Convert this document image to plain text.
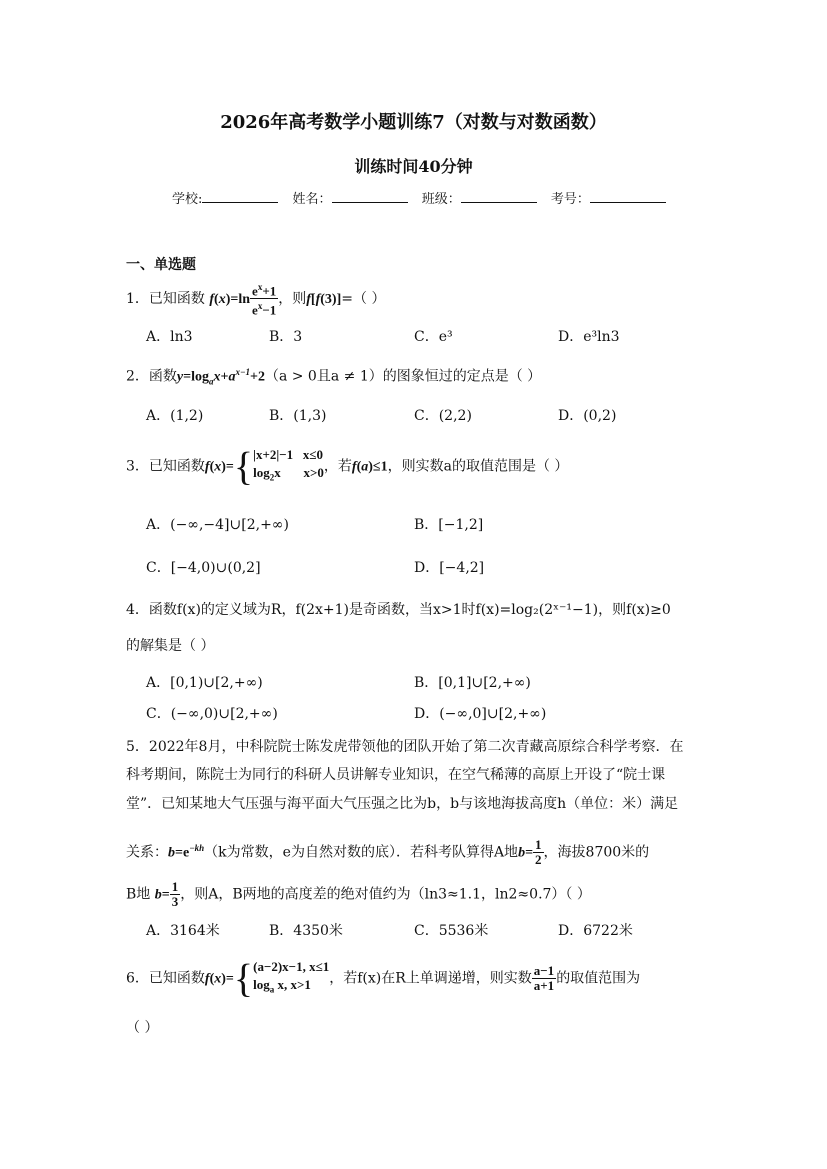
2026年高考数学小题训练7（对数与对数函数）
训练时间40分钟
学校:	姓名：	班级：	考号：
一、单选题
1．已知函数 $f(x)=\ln \frac{e^x+1}{e^x-1}$ ，则f[f(3)]=（ ）
A．ln3	B．3	C．e³	D．e³ln3
2．函数$y=\log_ax+a^{x-1}+2(a > 0$且a ≠ 1）的图象恒过的定点是（ ）
A．(1,2)	B．(1,3)	C．(2,2)	D．(0,2)
3．已知函数f(x)={ |x+2|−1   x≤0
$\log_2x$       x>0 ，若f(a)≤1，则实数a的取值范围是（ ）
A．(−∞,−4]∪[2,+∞)	B．[−1,2]
C．[−4,0)∪(0,2]	D．[−4,2]
4．函数f(x)的定义域为R，f(2x+1)是奇函数，当x>1时f(x)=log₂(2ˣ⁻¹−1)，则f(x)≥0
的解集是（ ）
A．[0,1)∪[2,+∞)	B．[0,1]∪[2,+∞)
C．(−∞,0)∪[2,+∞)	D．(−∞,0]∪[2,+∞)
5．2022年8月，中科院院士陈发虎带领他的团队开始了第二次青藏高原综合科学考察．在
科考期间，陈院士为同行的科研人员讲解专业知识，在空气稀薄的高原上开设了“院士课
堂”．已知某地大气压强与海平面大气压强之比为b，b与该地海拔高度h（单位：米）满足
关系：$b=e^{-kh}(k$为常数，e为自然对数的底）．若科考队算得A地$b= \frac{1}{2}$ ，海拔8700米的
B地 $b= \frac{1}{3}$ ，则A，B两地的高度差的绝对值约为（ln3≈1.1，ln2≈0.7）（ ）
A．3164米	B．4350米	C．5536米	D．6722米
6．已知函数f(x)={ (a−2)x−1, x≤1
$\log_a x$, x>1	，若f(x)在R上单调递增，则实数 $\frac{a-1}{a+1}$ 的取值范围为
（ ）
